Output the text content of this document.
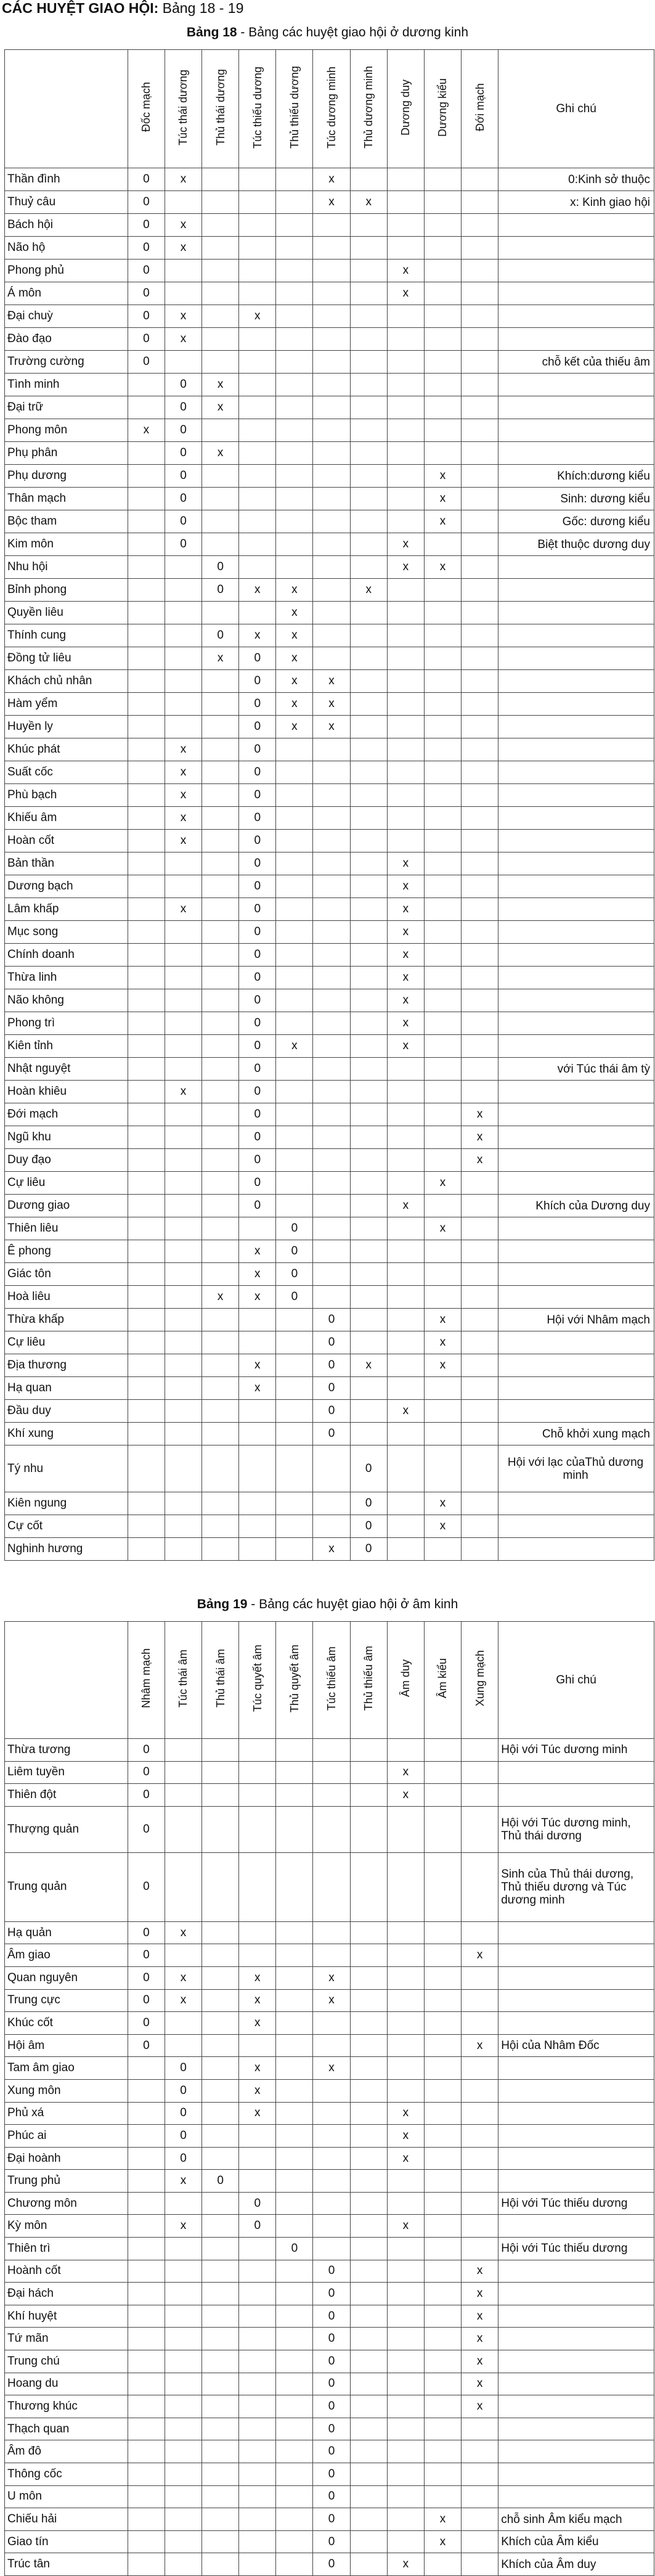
CÁC HUYỆT GIAO HỘI: Bảng 18 - 19
Bảng 18 - Bảng các huyệt giao hội ở dương kinh
	Đốc mạch	Túc thái dương	Thủ thái dương	Túc thiếu dương	Thủ thiếu dương	Túc dương minh	Thủ dương minh	Dương duy	Dương kiểu	Đới mạch	Ghi chú
Thần đình	0	x				x					0:Kinh sở thuộc
Thuỷ câu	0					x	x				x: Kinh giao hội
Bách hội	0	x									
Não hộ	0	x									
Phong phủ	0							x			
Á môn	0							x			
Đại chuỳ	0	x		x							
Đào đạo	0	x									
Trường cường	0										chỗ kết của thiếu âm
Tình minh		0	x								
Đại trữ		0	x								
Phong môn	x	0									
Phụ phân		0	x								
Phụ dương		0							x		Khích:dương kiểu
Thân mạch		0							x		Sinh: dương kiểu
Bộc tham		0							x		Gốc: dương kiểu
Kim môn		0						x			Biệt thuộc dương duy
Nhu hội			0					x	x		
Bỉnh phong			0	x	x		x				
Quyền liêu					x						
Thính cung			0	x	x						
Đồng tử liêu			x	0	x						
Khách chủ nhân				0	x	x					
Hàm yểm				0	x	x					
Huyền ly				0	x	x					
Khúc phát		x		0							
Suất cốc		x		0							
Phù bạch		x		0							
Khiếu âm		x		0							
Hoàn cốt		x		0							
Bản thần				0				x			
Dương bạch				0				x			
Lâm khấp		x		0				x			
Mục song				0				x			
Chính doanh				0				x			
Thừa linh				0				x			
Não không				0				x			
Phong trì				0				x			
Kiên tỉnh				0	x			x			
Nhật nguyệt				0							với Túc thái âm tỳ
Hoàn khiêu		x		0							
Đới mạch				0						x	
Ngũ khu				0						x	
Duy đạo				0						x	
Cự liêu				0					x		
Dương giao				0				x			Khích của Dương duy
Thiên liêu					0				x		
Ê phong				x	0						
Giác tôn				x	0						
Hoà liêu			x	x	0						
Thừa khấp						0			x		Hội với Nhâm mạch
Cự liêu						0			x		
Địa thương				x		0	x		x		
Hạ quan				x		0					
Đầu duy						0		x			
Khí xung						0					Chỗ khởi xung mạch
Tý nhu							0				Hội với lạc củaThủ dương minh
Kiên ngung							0		x		
Cự cốt							0		x		
Nghinh hương						x	0				
Bảng 19 - Bảng các huyệt giao hội ở âm kinh
	Nhâm mạch	Túc thái âm	Thủ thái âm	Túc quyết âm	Thủ quyết âm	Túc thiếu âm	Thủ thiếu âm	Âm duy	Âm kiểu	Xung mạch	Ghi chú
Thừa tương	0										Hội với Túc dương minh
Liêm tuyền	0							x			
Thiên đột	0							x			
Thượng quản	0										Hội với Túc dương minh, Thủ thái dương
Trung quản	0										Sinh của Thủ thái dương, Thủ thiếu dương và Túc dương minh
Hạ quản	0	x									
Âm giao	0									x	
Quan nguyên	0	x		x		x					
Trung cực	0	x		x		x					
Khúc cốt	0			x							
Hội âm	0									x	Hội của Nhâm Đốc
Tam âm giao		0		x		x					
Xung môn		0		x							
Phủ xá		0		x				x			
Phúc ai		0						x			
Đại hoành		0						x			
Trung phủ		x	0								
Chương môn				0							Hội với Túc thiếu dương
Kỳ môn		x		0				x			
Thiên trì					0						Hội với Túc thiếu dương
Hoành cốt						0				x	
Đại hách						0				x	
Khí huyệt						0				x	
Tứ mãn						0				x	
Trung chú						0				x	
Hoang du						0				x	
Thương khúc						0				x	
Thạch quan						0					
Âm đô						0					
Thông cốc						0					
U môn						0					
Chiếu hải						0			x		chỗ sinh Âm kiểu mạch
Giao tín						0			x		Khích của Âm kiểu
Trúc tân						0		x			Khích của Âm duy
